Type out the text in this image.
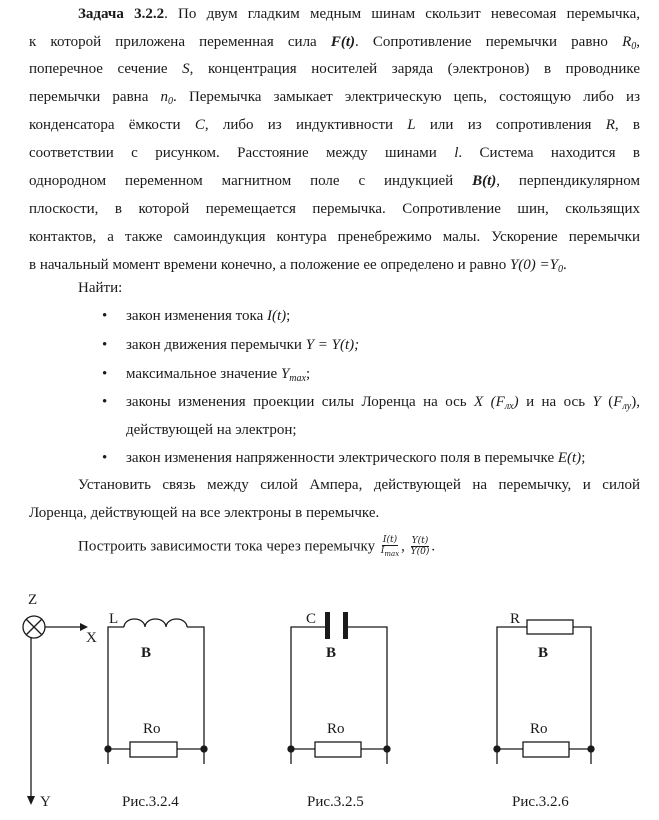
Задача 3.2.2. По двум гладким медным шинам скользит невесомая перемычка,
к которой приложена переменная сила F(t). Сопротивление перемычки равно $R_0$,
поперечное сечение S, концентрация носителей заряда (электронов) в проводнике
перемычки равна $n_0$. Перемычка замыкает электрическую цепь, состоящую либо из
конденсатора ёмкости C, либо из индуктивности L или из сопротивления R, в
соответствии с рисунком. Расстояние между шинами l. Система находится в
однородном переменном магнитном поле с индукцией B(t), перпендикулярном
плоскости, в которой перемещается перемычка. Сопротивление шин, скользящих
контактов, а также самоиндукция контура пренебрежимо малы. Ускорение перемычки
в начальный момент времени конечно, а положение ее определено и равно $Y(0) =Y_0$.
Найти:
• закон изменения тока I(t);
• закон движения перемычки Y = Y(t);
• максимальное значение $Y_{max}$;
• законы изменения проекции силы Лоренца на ось X $(F_{лх})$ и на ось Y $(F_{лy})$,
действующей на электрон;
• закон изменения напряженности электрического поля в перемычке E(t);
Установить связь между силой Ампера, действующей на перемычку, и силой
Лоренца, действующей на все электроны в перемычке.
Построить зависимости тока через перемычку $\frac{I(t)}{I_{max}}$ , $\frac{Y(t)}{Y(0)}$ .
Z
X
Y
L
B
Ro
Рис.3.2.4
C
B
Ro
Рис.3.2.5
R
B
Ro
Рис.3.2.6
